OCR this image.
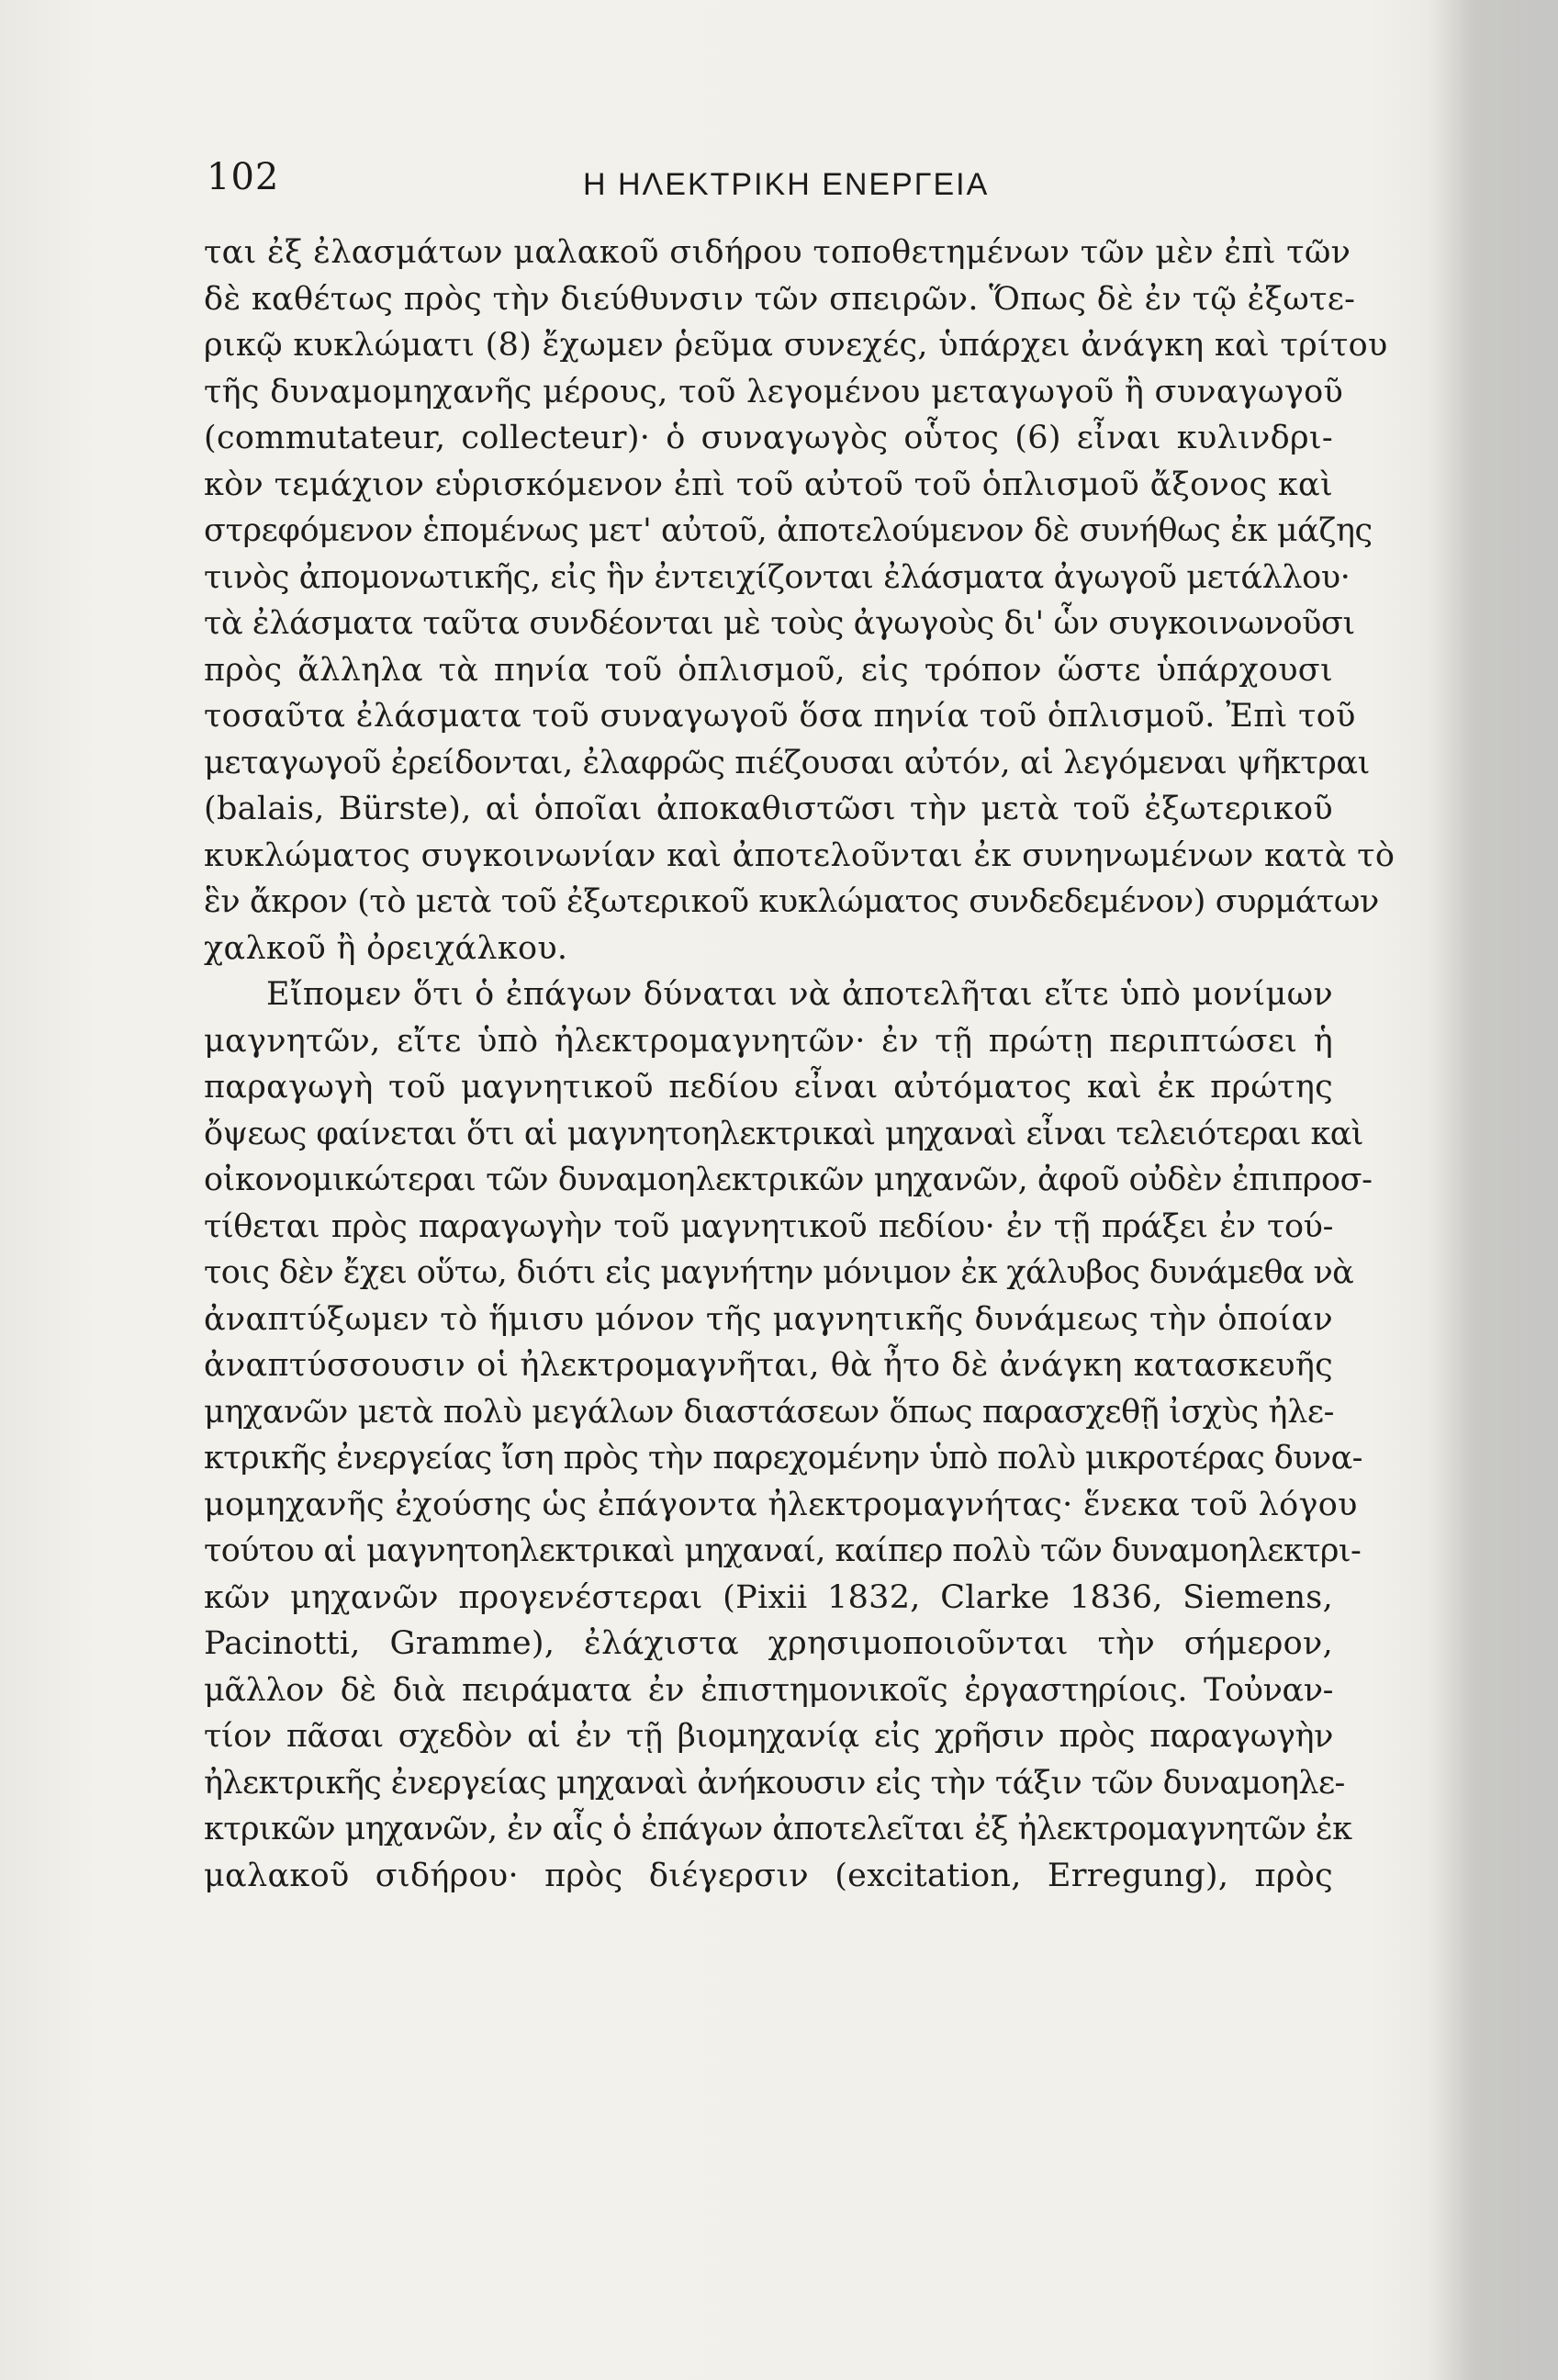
102	Η ΗΛΕΚΤΡΙΚΗ ΕΝΕΡΓΕΙΑ
ται ἐξ ἐλασμάτων μαλακοῦ σιδήρου τοποθετημένων τῶν μὲν ἐπὶ τῶν
δὲ καθέτως πρὸς τὴν διεύθυνσιν τῶν σπειρῶν. Ὅπως δὲ ἐν τῷ ἐξωτε-
ρικῷ κυκλώματι (8) ἔχωμεν ῥεῦμα συνεχές, ὑπάρχει ἀνάγκη καὶ τρίτου
τῆς δυναμομηχανῆς μέρους, τοῦ λεγομένου μεταγωγοῦ ἢ συναγωγοῦ
(commutateur, collecteur)· ὁ συναγωγὸς οὗτος (6) εἶναι κυλινδρι-
κὸν τεμάχιον εὑρισκόμενον ἐπὶ τοῦ αὐτοῦ τοῦ ὁπλισμοῦ ἄξονος καὶ
στρεφόμενον ἑπομένως μετ' αὐτοῦ, ἀποτελούμενον δὲ συνήθως ἐκ μάζης
τινὸς ἀπομονωτικῆς, εἰς ἣν ἐντειχίζονται ἐλάσματα ἀγωγοῦ μετάλλου·
τὰ ἐλάσματα ταῦτα συνδέονται μὲ τοὺς ἀγωγοὺς δι' ὧν συγκοινωνοῦσι
πρὸς ἄλληλα τὰ πηνία τοῦ ὁπλισμοῦ, εἰς τρόπον ὥστε ὑπάρχουσι
τοσαῦτα ἐλάσματα τοῦ συναγωγοῦ ὅσα πηνία τοῦ ὁπλισμοῦ. Ἐπὶ τοῦ
μεταγωγοῦ ἐρείδονται, ἐλαφρῶς πιέζουσαι αὐτόν, αἱ λεγόμεναι ψῆκτραι
(balais, Bürste), αἱ ὁποῖαι ἀποκαθιστῶσι τὴν μετὰ τοῦ ἐξωτερικοῦ
κυκλώματος συγκοινωνίαν καὶ ἀποτελοῦνται ἐκ συνηνωμένων κατὰ τὸ
ἓν ἄκρον (τὸ μετὰ τοῦ ἐξωτερικοῦ κυκλώματος συνδεδεμένον) συρμάτων
χαλκοῦ ἢ ὀρειχάλκου.
Εἴπομεν ὅτι ὁ ἐπάγων δύναται νὰ ἀποτελῆται εἴτε ὑπὸ μονίμων
μαγνητῶν, εἴτε ὑπὸ ἠλεκτρομαγνητῶν· ἐν τῇ πρώτῃ περιπτώσει ἡ
παραγωγὴ τοῦ μαγνητικοῦ πεδίου εἶναι αὐτόματος καὶ ἐκ πρώτης
ὄψεως φαίνεται ὅτι αἱ μαγνητοηλεκτρικαὶ μηχαναὶ εἶναι τελειότεραι καὶ
οἰκονομικώτεραι τῶν δυναμοηλεκτρικῶν μηχανῶν, ἀφοῦ οὐδὲν ἐπιπροσ-
τίθεται πρὸς παραγωγὴν τοῦ μαγνητικοῦ πεδίου· ἐν τῇ πράξει ἐν τού-
τοις δὲν ἔχει οὕτω, διότι εἰς μαγνήτην μόνιμον ἐκ χάλυβος δυνάμεθα νὰ
ἀναπτύξωμεν τὸ ἥμισυ μόνον τῆς μαγνητικῆς δυνάμεως τὴν ὁποίαν
ἀναπτύσσουσιν οἱ ἠλεκτρομαγνῆται, θὰ ἦτο δὲ ἀνάγκη κατασκευῆς
μηχανῶν μετὰ πολὺ μεγάλων διαστάσεων ὅπως παρασχεθῇ ἰσχὺς ἠλε-
κτρικῆς ἐνεργείας ἴση πρὸς τὴν παρεχομένην ὑπὸ πολὺ μικροτέρας δυνα-
μομηχανῆς ἐχούσης ὡς ἐπάγοντα ἠλεκτρομαγνήτας· ἕνεκα τοῦ λόγου
τούτου αἱ μαγνητοηλεκτρικαὶ μηχαναί, καίπερ πολὺ τῶν δυναμοηλεκτρι-
κῶν μηχανῶν προγενέστεραι (Pixii 1832, Clarke 1836, Siemens,
Pacinotti, Gramme), ἐλάχιστα χρησιμοποιοῦνται τὴν σήμερον,
μᾶλλον δὲ διὰ πειράματα ἐν ἐπιστημονικοῖς ἐργαστηρίοις. Τοὐναν-
τίον πᾶσαι σχεδὸν αἱ ἐν τῇ βιομηχανίᾳ εἰς χρῆσιν πρὸς παραγωγὴν
ἠλεκτρικῆς ἐνεργείας μηχαναὶ ἀνήκουσιν εἰς τὴν τάξιν τῶν δυναμοηλε-
κτρικῶν μηχανῶν, ἐν αἷς ὁ ἐπάγων ἀποτελεῖται ἐξ ἠλεκτρομαγνητῶν ἐκ
μαλακοῦ σιδήρου· πρὸς διέγερσιν (excitation, Erregung), πρὸς
